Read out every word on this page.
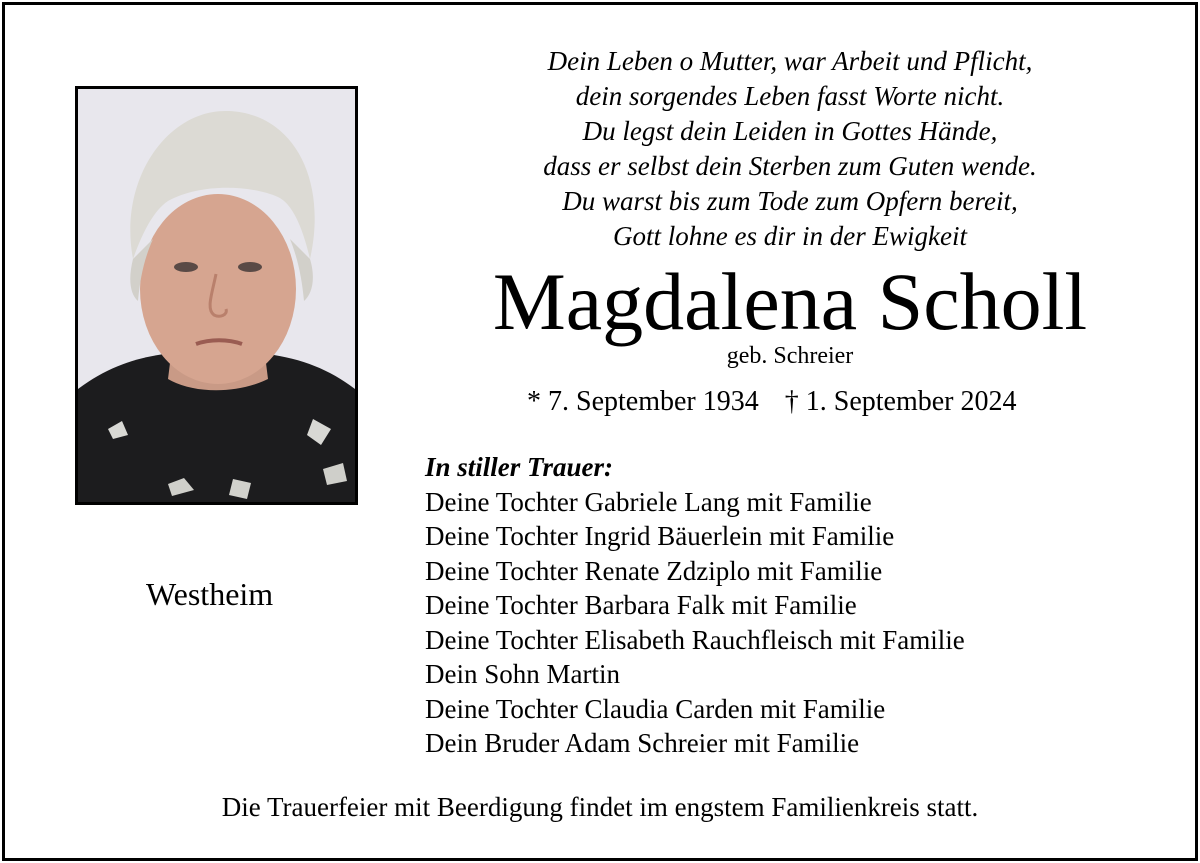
Westheim
Dein Leben o Mutter, war Arbeit und Pflicht,
dein sorgendes Leben fasst Worte nicht.
Du legst dein Leiden in Gottes Hände,
dass er selbst dein Sterben zum Guten wende.
Du warst bis zum Tode zum Opfern bereit,
Gott lohne es dir in der Ewigkeit
Magdalena Scholl
geb. Schreier
* 7. September 1934 † 1. September 2024
In stiller Trauer:
Deine Tochter Gabriele Lang mit Familie
Deine Tochter Ingrid Bäuerlein mit Familie
Deine Tochter Renate Zdziplo mit Familie
Deine Tochter Barbara Falk mit Familie
Deine Tochter Elisabeth Rauchfleisch mit Familie
Dein Sohn Martin
Deine Tochter Claudia Carden mit Familie
Dein Bruder Adam Schreier mit Familie
Die Trauerfeier mit Beerdigung findet im engstem Familienkreis statt.
